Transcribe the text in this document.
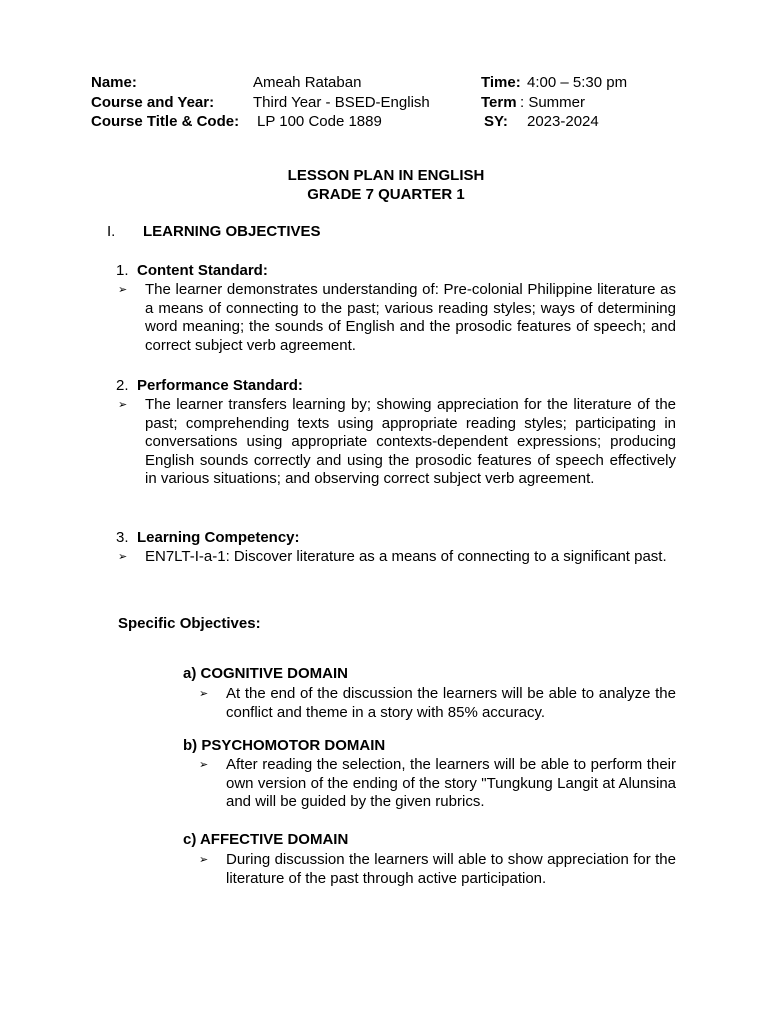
Name:	Ameah Rataban	Time: 4:00 – 5:30 pm
Course and Year:	Third Year - BSED-English	Term : Summer
Course Title & Code: LP 100 Code 1889	SY: 2023-2024
LESSON PLAN IN ENGLISH
GRADE 7 QUARTER 1
I. LEARNING OBJECTIVES
1. Content Standard:
➢ The learner demonstrates understanding of: Pre-colonial Philippine literature as a means of connecting to the past; various reading styles; ways of determining word meaning; the sounds of English and the prosodic features of speech; and correct subject verb agreement.

2. Performance Standard:
➢ The learner transfers learning by; showing appreciation for the literature of the past; comprehending texts using appropriate reading styles; participating in conversations using appropriate contexts-dependent expressions; producing English sounds correctly and using the prosodic features of speech effectively in various situations; and observing correct subject verb agreement.

3. Learning Competency:
➢ EN7LT-I-a-1: Discover literature as a means of connecting to a significant past.

Specific Objectives:
a) COGNITIVE DOMAIN
➢ At the end of the discussion the learners will be able to analyze the conflict and theme in a story with 85% accuracy.

b) PSYCHOMOTOR DOMAIN
➢ After reading the selection, the learners will be able to perform their own version of the ending of the story "Tungkung Langit at Alunsina and will be guided by the given rubrics.

c) AFFECTIVE DOMAIN
➢ During discussion the learners will able to show appreciation for the literature of the past through active participation.
